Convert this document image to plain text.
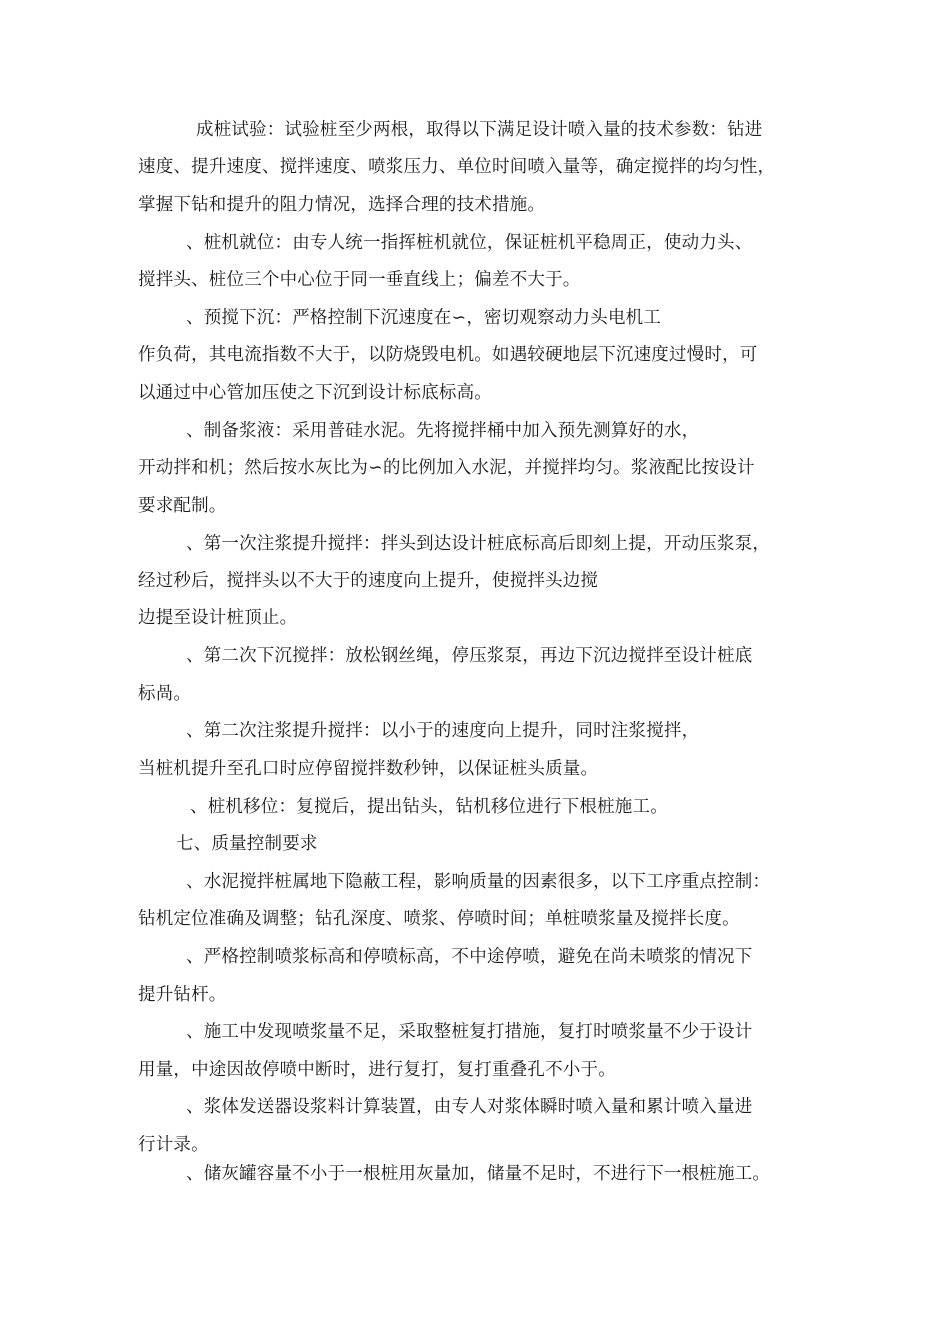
成桩试验：试验桩至少两根，取得以下满足设计喷入量的技术参数：钻进
速度、提升速度、搅拌速度、喷浆压力、单位时间喷入量等，确定搅拌的均匀性，
掌握下钻和提升的阻力情况，选择合理的技术措施。
、桩机就位：由专人统一指挥桩机就位，保证桩机平稳周正，使动力头、
搅拌头、桩位三个中心位于同一垂直线上；偏差不大于。
、预搅下沉：严格控制下沉速度在∽，密切观察动力头电机工
作负荷，其电流指数不大于，以防烧毁电机。如遇较硬地层下沉速度过慢时，可
以通过中心管加压使之下沉到设计标底标高。
、制备浆液：采用普硅水泥。先将搅拌桶中加入预先测算好的水，
开动拌和机；然后按水灰比为∽的比例加入水泥，并搅拌均匀。浆液配比按设计
要求配制。
、第一次注浆提升搅拌：拌头到达设计桩底标高后即刻上提，开动压浆泵，
经过秒后，搅拌头以不大于的速度向上提升，使搅拌头边搅
边提至设计桩顶止。
、第二次下沉搅拌：放松钢丝绳，停压浆泵，再边下沉边搅拌至设计桩底
标咼。
、第二次注浆提升搅拌：以小于的速度向上提升，同时注浆搅拌，
当桩机提升至孔口时应停留搅拌数秒钟，以保证桩头质量。
、桩机移位：复搅后，提出钻头，钻机移位进行下根桩施工。
七、质量控制要求
、水泥搅拌桩属地下隐蔽工程，影响质量的因素很多，以下工序重点控制：
钻机定位准确及调整；钻孔深度、喷浆、停喷时间；单桩喷浆量及搅拌长度。
、严格控制喷浆标高和停喷标高，不中途停喷，避免在尚未喷浆的情况下
提升钻杆。
、施工中发现喷浆量不足，采取整桩复打措施，复打时喷浆量不少于设计
用量，中途因故停喷中断时，进行复打，复打重叠孔不小于。
、浆体发送器设浆料计算装置，由专人对浆体瞬时喷入量和累计喷入量进
行计录。
、储灰罐容量不小于一根桩用灰量加，储量不足时，不进行下一根桩施工。
